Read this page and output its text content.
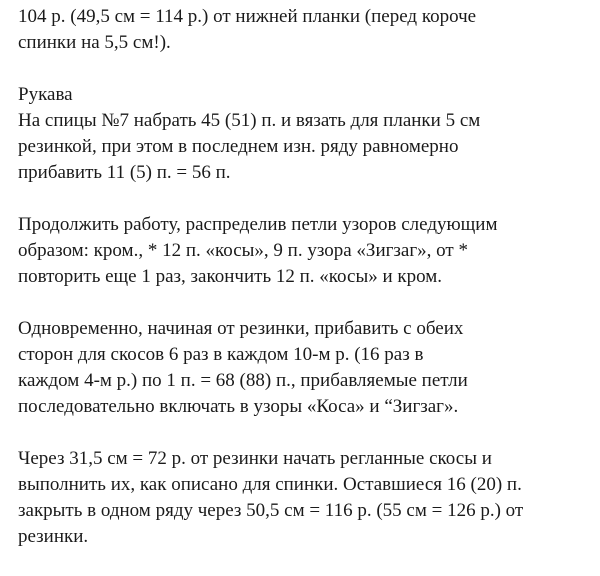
104 р. (49,5 см = 114 р.) от нижней планки (перед короче
спинки на 5,5 см!).

Рукава
На спицы №7 набрать 45 (51) п. и вязать для планки 5 см
резинкой, при этом в последнем изн. ряду равномерно
прибавить 11 (5) п. = 56 п.

Продолжить работу, распределив петли узоров следующим
образом: кром., * 12 п. «косы», 9 п. узора «Зигзаг», от *
повторить еще 1 раз, закончить 12 п. «косы» и кром.

Одновременно, начиная от резинки, прибавить с обеих
сторон для скосов 6 раз в каждом 10-м р. (16 раз в
каждом 4-м р.) по 1 п. = 68 (88) п., прибавляемые петли
последовательно включать в узоры «Коса» и “Зигзаг».

Через 31,5 см = 72 р. от резинки начать регланные скосы и
выполнить их, как описано для спинки. Оставшиеся 16 (20) п.
закрыть в одном ряду через 50,5 см = 116 р. (55 см = 126 р.) от
резинки.
